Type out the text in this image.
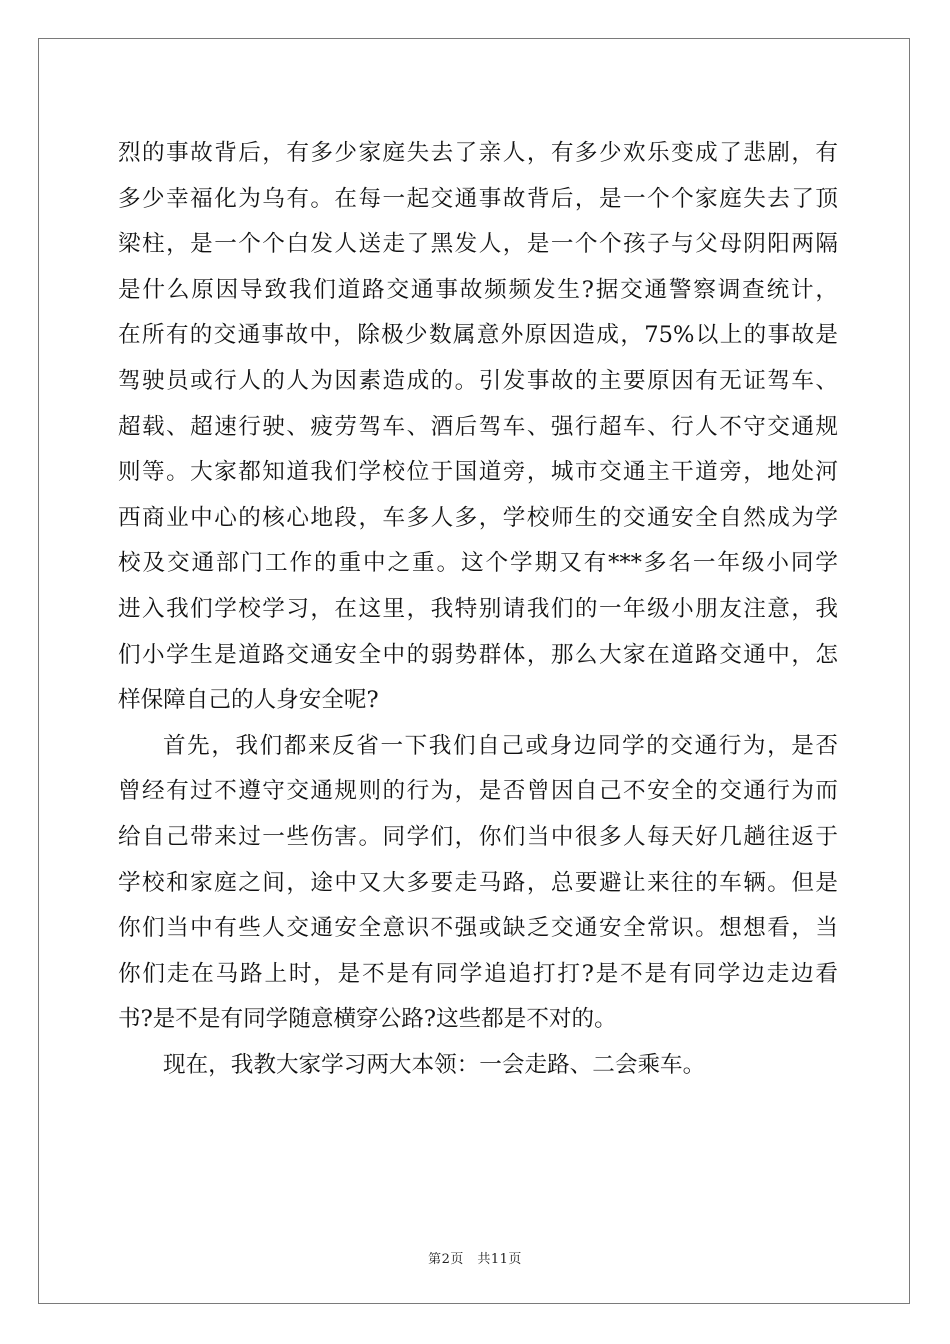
烈的事故背后，有多少家庭失去了亲人，有多少欢乐变成了悲剧，有
多少幸福化为乌有。在每一起交通事故背后，是一个个家庭失去了顶
梁柱，是一个个白发人送走了黑发人，是一个个孩子与父母阴阳两隔
是什么原因导致我们道路交通事故频频发生?据交通警察调查统计，
在所有的交通事故中，除极少数属意外原因造成，75%以上的事故是
驾驶员或行人的人为因素造成的。引发事故的主要原因有无证驾车、
超载、超速行驶、疲劳驾车、酒后驾车、强行超车、行人不守交通规
则等。大家都知道我们学校位于国道旁，城市交通主干道旁，地处河
西商业中心的核心地段，车多人多，学校师生的交通安全自然成为学
校及交通部门工作的重中之重。这个学期又有***多名一年级小同学
进入我们学校学习，在这里，我特别请我们的一年级小朋友注意，我
们小学生是道路交通安全中的弱势群体，那么大家在道路交通中，怎
样保障自己的人身安全呢?
首先，我们都来反省一下我们自己或身边同学的交通行为，是否
曾经有过不遵守交通规则的行为，是否曾因自己不安全的交通行为而
给自己带来过一些伤害。同学们，你们当中很多人每天好几趟往返于
学校和家庭之间，途中又大多要走马路，总要避让来往的车辆。但是
你们当中有些人交通安全意识不强或缺乏交通安全常识。想想看，当
你们走在马路上时，是不是有同学追追打打?是不是有同学边走边看
书?是不是有同学随意横穿公路?这些都是不对的。
现在，我教大家学习两大本领：一会走路、二会乘车。
第2页　共11页
